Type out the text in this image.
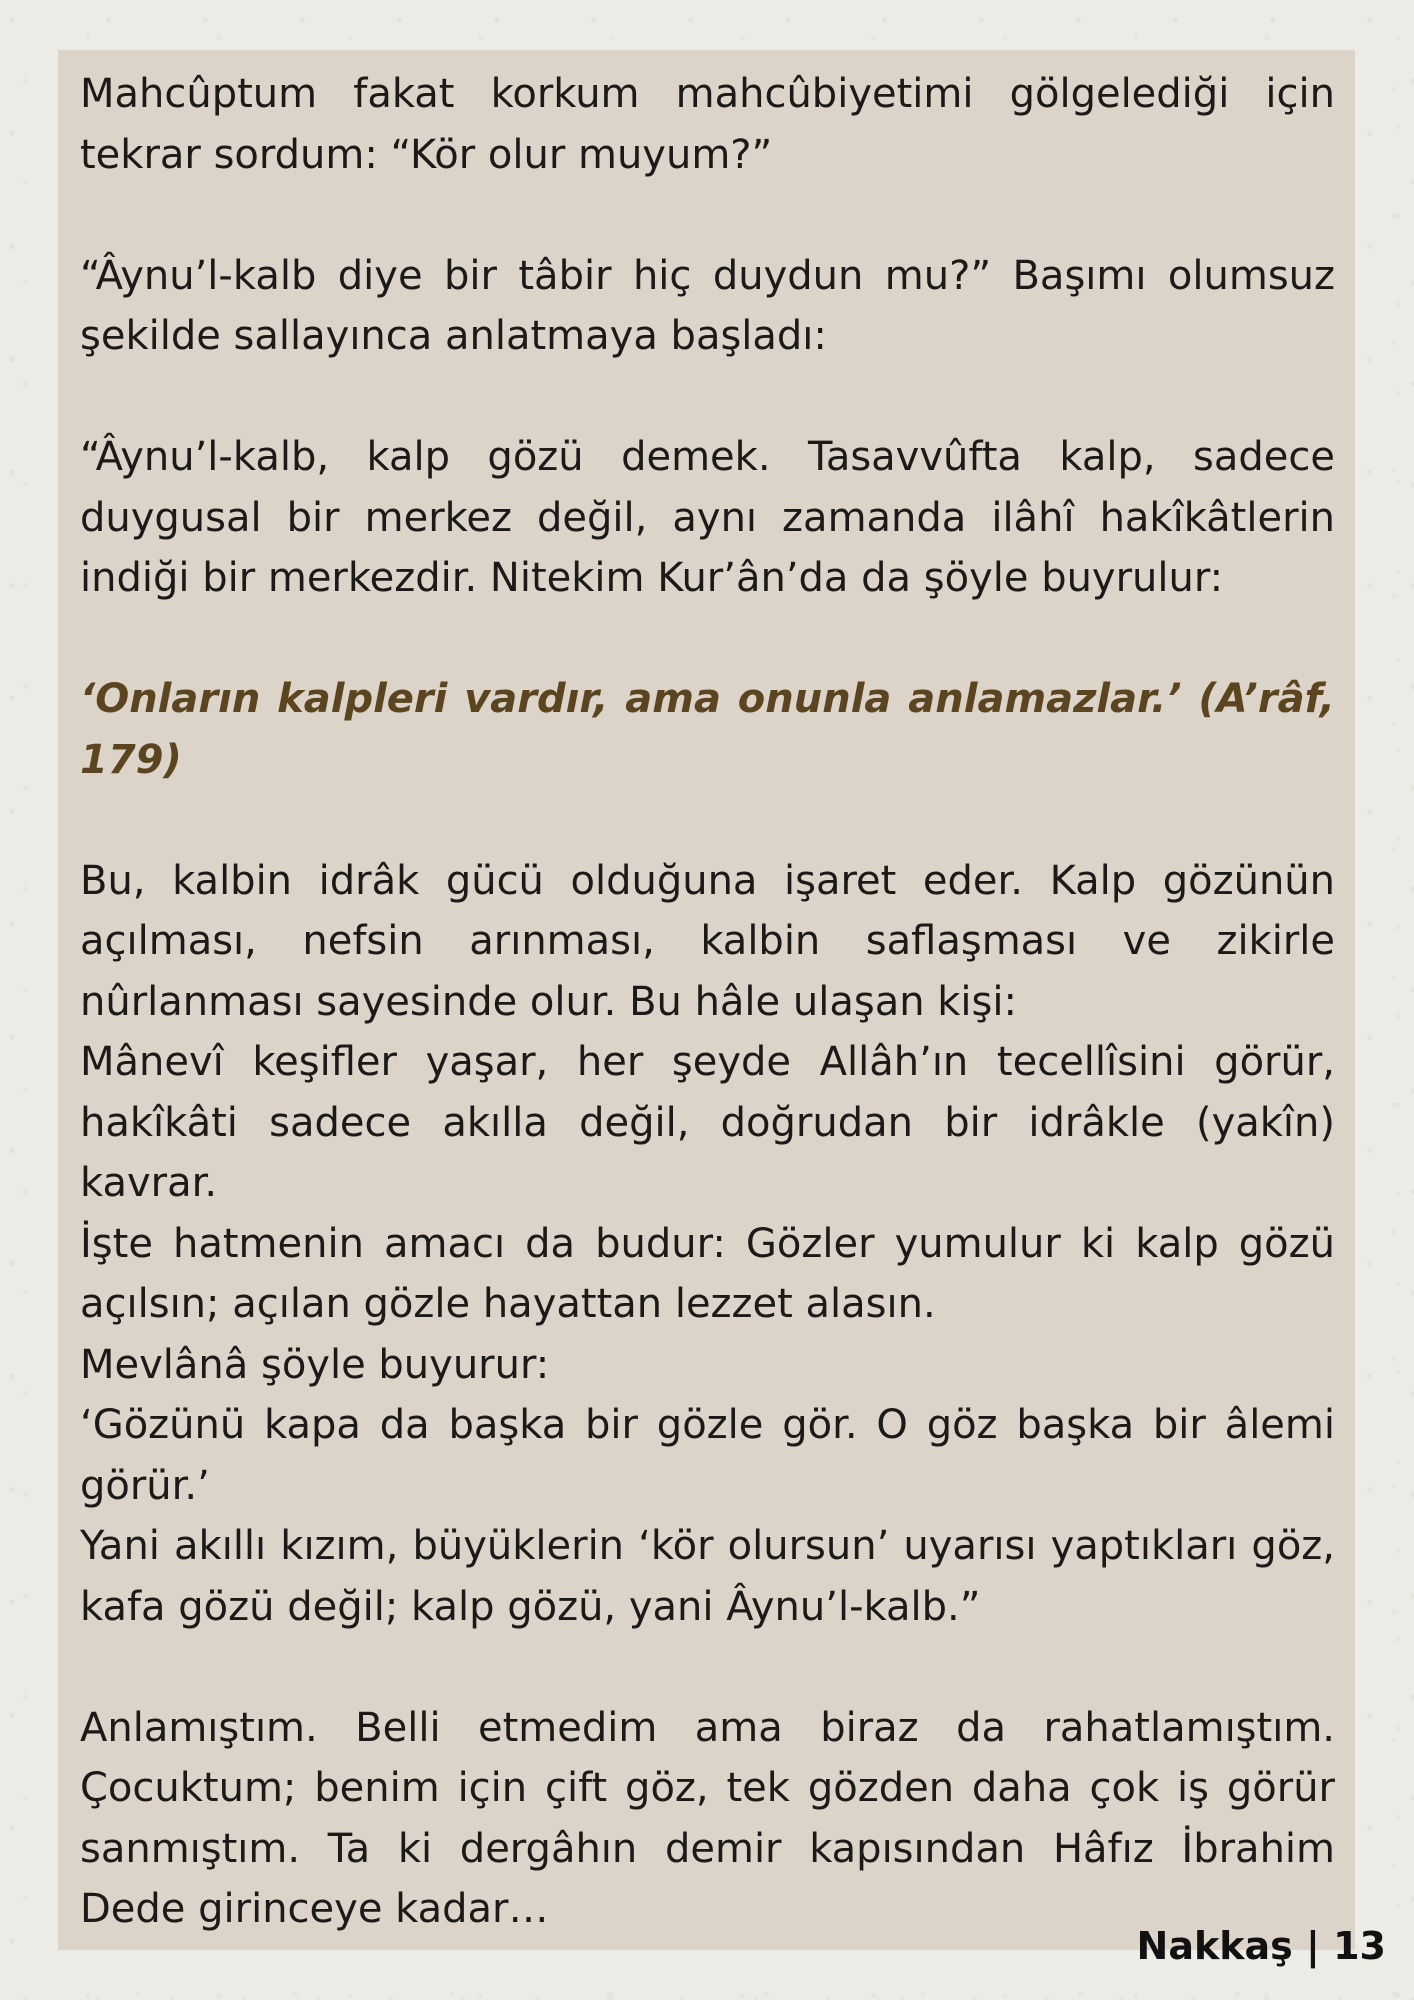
Mahcûptum fakat korkum mahcûbiyetimi gölgelediği için tekrar sordum: “Kör olur muyum?”

“Âynu’l-kalb diye bir tâbir hiç duydun mu?” Başımı olumsuz şekilde sallayınca anlatmaya başladı:

“Âynu’l-kalb, kalp gözü demek. Tasavvûfta kalp, sadece duygusal bir merkez değil, aynı zamanda ilâhî hakîkâtlerin indiği bir merkezdir. Nitekim Kur’ân’da da şöyle buyrulur:

‘Onların kalpleri vardır, ama onunla anlamazlar.’ (A’râf, 179)

Bu, kalbin idrâk gücü olduğuna işaret eder. Kalp gözünün açılması, nefsin arınması, kalbin saflaşması ve zikirle nûrlanması sayesinde olur. Bu hâle ulaşan kişi:

Mânevî keşifler yaşar, her şeyde Allâh’ın tecellîsini görür, hakîkâti sadece akılla değil, doğrudan bir idrâkle (yakîn) kavrar.

İşte hatmenin amacı da budur: Gözler yumulur ki kalp gözü açılsın; açılan gözle hayattan lezzet alasın.

Mevlânâ şöyle buyurur:

‘Gözünü kapa da başka bir gözle gör. O göz başka bir âlemi görür.’

Yani akıllı kızım, büyüklerin ‘kör olursun’ uyarısı yaptıkları göz, kafa gözü değil; kalp gözü, yani Âynu’l-kalb.”

Anlamıştım. Belli etmedim ama biraz da rahatlamıştım. Çocuktum; benim için çift göz, tek gözden daha çok iş görür sanmıştım. Ta ki dergâhın demir kapısından Hâfız İbrahim Dede girinceye kadar…

Nakkaş | 13
